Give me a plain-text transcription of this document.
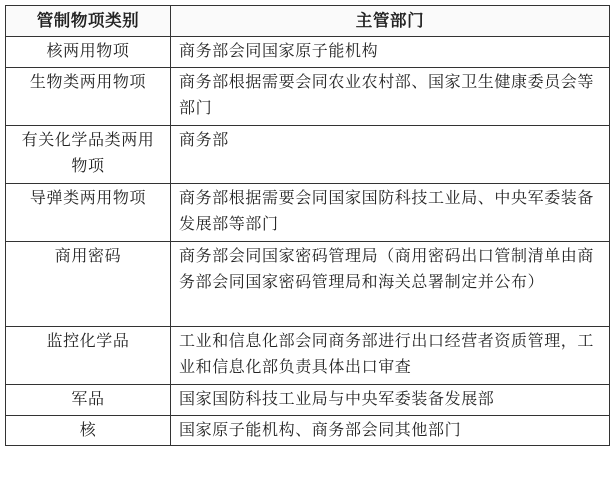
管制物项类别	主管部门
核两用物项	商务部会同国家原子能机构
生物类两用物项	商务部根据需要会同农业农村部、国家卫生健康委员会等部门
有关化学品类两用物项	商务部
导弹类两用物项	商务部根据需要会同国家国防科技工业局、中央军委装备发展部等部门
商用密码	商务部会同国家密码管理局（商用密码出口管制清单由商务部会同国家密码管理局和海关总署制定并公布）
监控化学品	工业和信息化部会同商务部进行出口经营者资质管理，工业和信息化部负责具体出口审查
军品	国家国防科技工业局与中央军委装备发展部
核	国家原子能机构、商务部会同其他部门
